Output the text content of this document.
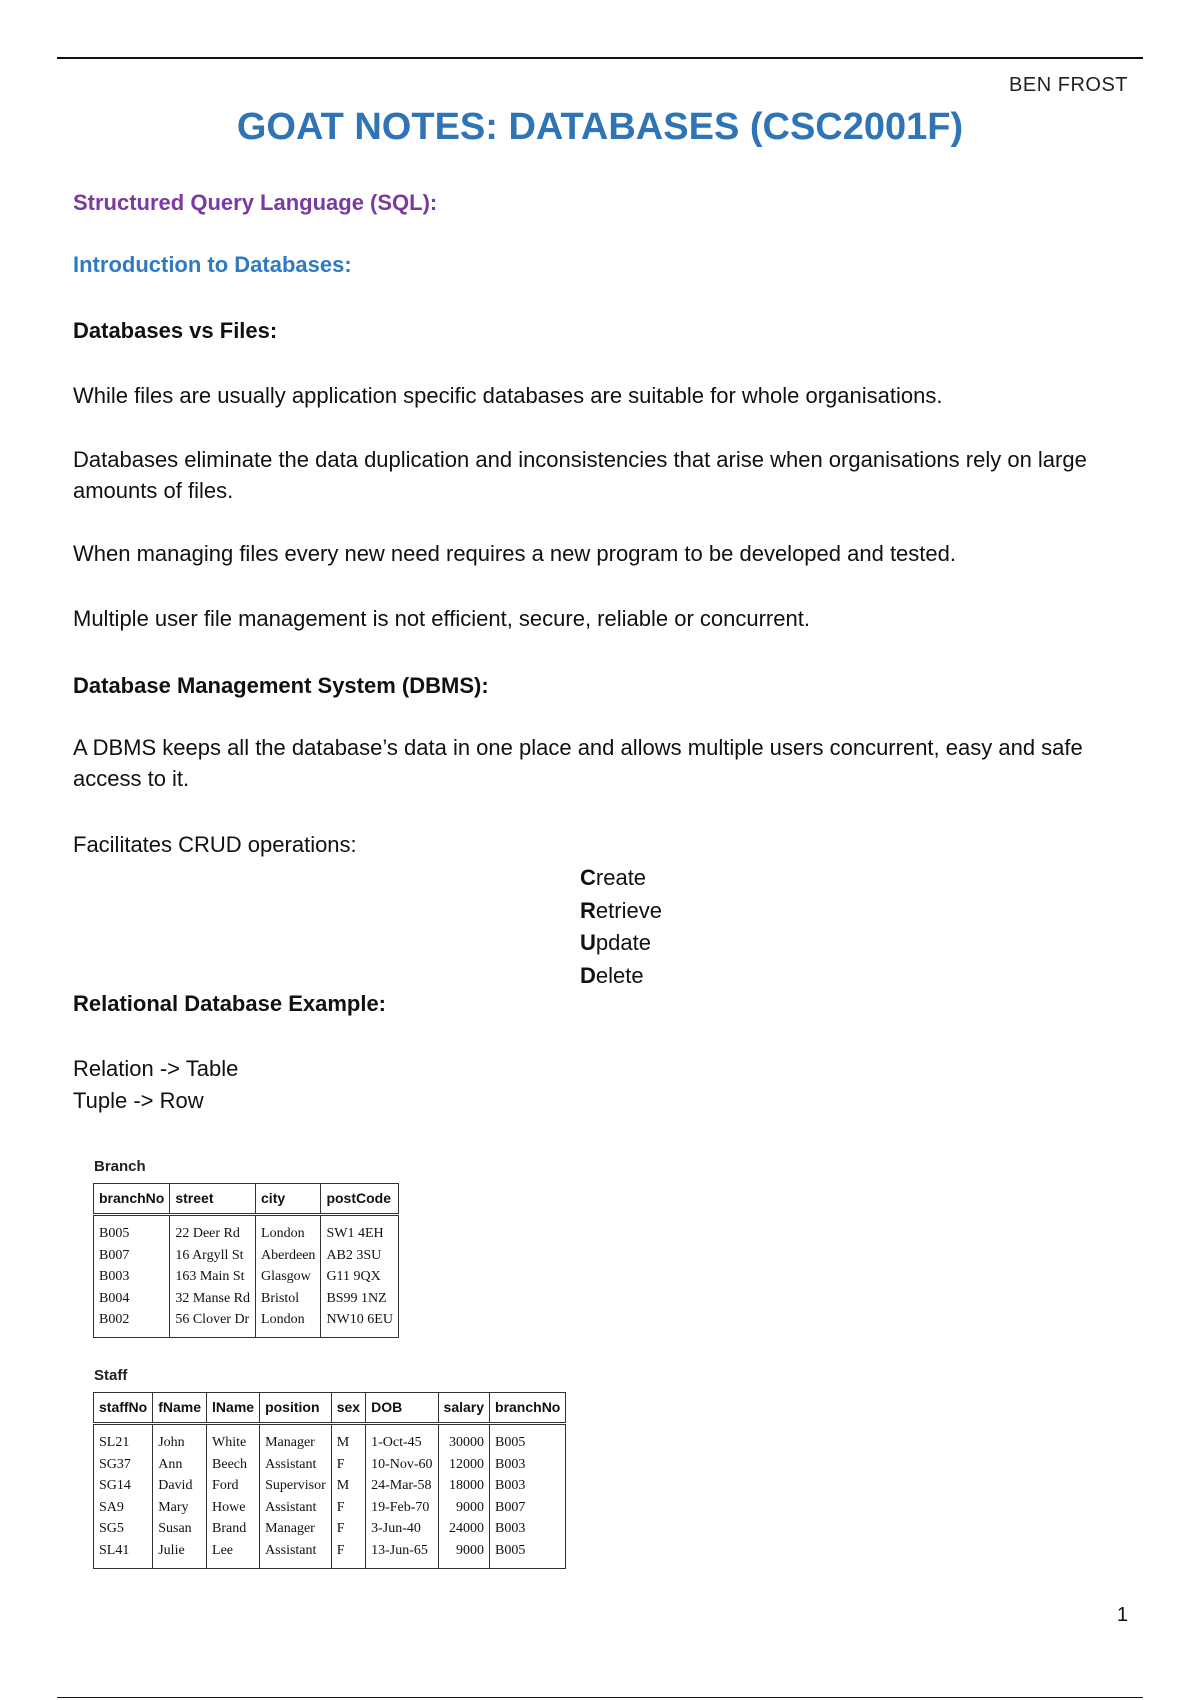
BEN FROST
GOAT NOTES: DATABASES (CSC2001F)
Structured Query Language (SQL):
Introduction to Databases:
Databases vs Files:
While files are usually application specific databases are suitable for whole organisations.
Databases eliminate the data duplication and inconsistencies that arise when organisations rely on large amounts of files.
When managing files every new need requires a new program to be developed and tested.
Multiple user file management is not efficient, secure, reliable or concurrent.
Database Management System (DBMS):
A DBMS keeps all the database’s data in one place and allows multiple users concurrent, easy and safe access to it.
Facilitates CRUD operations:
Create
Retrieve
Update
Delete
Relational Database Example:
Relation -> Table
Tuple -> Row
Branch
branchNo	street	city	postCode
B005	22 Deer Rd	London	SW1 4EH
B007	16 Argyll St	Aberdeen	AB2 3SU
B003	163 Main St	Glasgow	G11 9QX
B004	32 Manse Rd	Bristol	BS99 1NZ
B002	56 Clover Dr	London	NW10 6EU
Staff
staffNo	fName	lName	position	sex	DOB	salary	branchNo
SL21	John	White	Manager	M	1-Oct-45	30000	B005
SG37	Ann	Beech	Assistant	F	10-Nov-60	12000	B003
SG14	David	Ford	Supervisor	M	24-Mar-58	18000	B003
SA9	Mary	Howe	Assistant	F	19-Feb-70	9000	B007
SG5	Susan	Brand	Manager	F	3-Jun-40	24000	B003
SL41	Julie	Lee	Assistant	F	13-Jun-65	9000	B005
1
